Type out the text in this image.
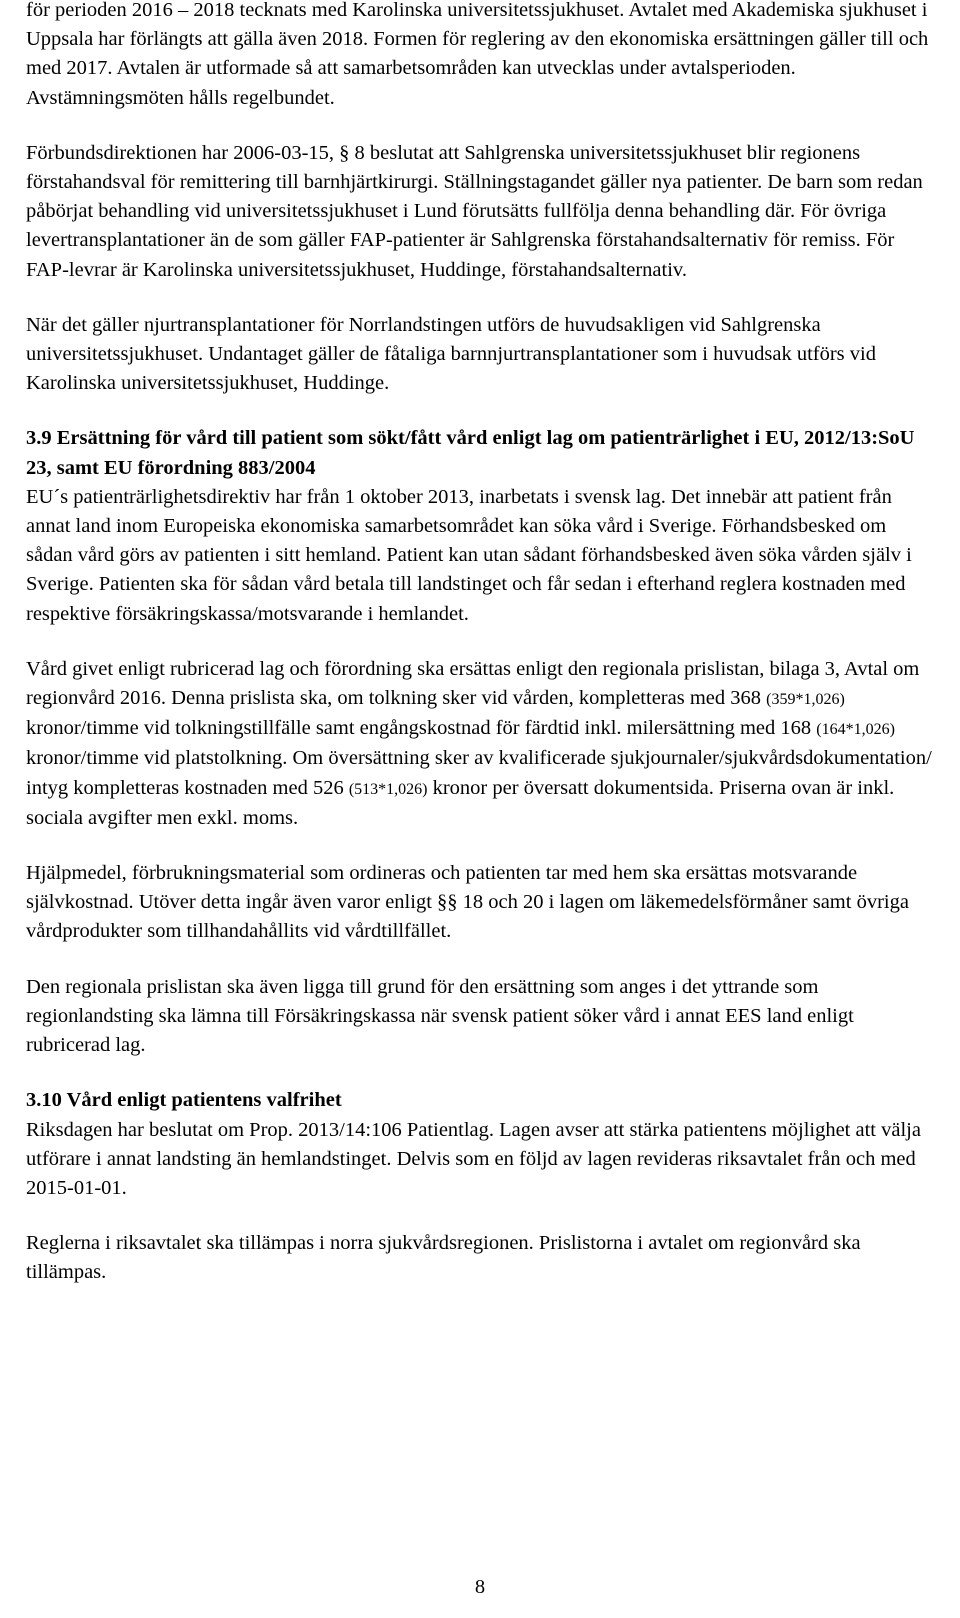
för perioden 2016 – 2018 tecknats med Karolinska universitetssjukhuset. Avtalet med Akademiska sjukhuset i Uppsala har förlängts att gälla även 2018. Formen för reglering av den ekonomiska ersättningen gäller till och med 2017. Avtalen är utformade så att samarbetsområden kan utvecklas under avtalsperioden. Avstämningsmöten hålls regelbundet.

Förbundsdirektionen har 2006-03-15, § 8 beslutat att Sahlgrenska universitetssjukhuset blir regionens förstahandsval för remittering till barnhjärtkirurgi. Ställningstagandet gäller nya patienter. De barn som redan påbörjat behandling vid universitetssjukhuset i Lund förutsätts fullfölja denna behandling där. För övriga levertransplantationer än de som gäller FAP-patienter är Sahlgrenska förstahandsalternativ för remiss. För FAP-levrar är Karolinska universitetssjukhuset, Huddinge, förstahandsalternativ.

När det gäller njurtransplantationer för Norrlandstingen utförs de huvudsakligen vid Sahlgrenska universitetssjukhuset. Undantaget gäller de fåtaliga barnnjurtransplantationer som i huvudsak utförs vid Karolinska universitetssjukhuset, Huddinge.

3.9 Ersättning för vård till patient som sökt/fått vård enligt lag om patienträrlighet i EU, 2012/13:SoU 23, samt EU förordning 883/2004

EU´s patienträrlighetsdirektiv har från 1 oktober 2013, inarbetats i svensk lag. Det innebär att patient från annat land inom Europeiska ekonomiska samarbetsområdet kan söka vård i Sverige. Förhandsbesked om sådan vård görs av patienten i sitt hemland. Patient kan utan sådant förhandsbesked även söka vården själv i Sverige. Patienten ska för sådan vård betala till landstinget och får sedan i efterhand reglera kostnaden med respektive försäkringskassa/motsvarande i hemlandet.

Vård givet enligt rubricerad lag och förordning ska ersättas enligt den regionala prislistan, bilaga 3, Avtal om regionvård 2016. Denna prislista ska, om tolkning sker vid vården, kompletteras med 368 (359*1,026) kronor/timme vid tolkningstillfälle samt engångskostnad för färdtid inkl. milersättning med 168 (164*1,026) kronor/timme vid platstolkning. Om översättning sker av kvalificerade sjukjournaler/sjukvårdsdokumentation/ intyg kompletteras kostnaden med 526 (513*1,026) kronor per översatt dokumentsida. Priserna ovan är inkl. sociala avgifter men exkl. moms.

Hjälpmedel, förbrukningsmaterial som ordineras och patienten tar med hem ska ersättas motsvarande självkostnad. Utöver detta ingår även varor enligt §§ 18 och 20 i lagen om läkemedelsförmåner samt övriga vårdprodukter som tillhandahållits vid vårdtillfället.

Den regionala prislistan ska även ligga till grund för den ersättning som anges i det yttrande som regionlandsting ska lämna till Försäkringskassa när svensk patient söker vård i annat EES land enligt rubricerad lag.

3.10 Vård enligt patientens valfrihet

Riksdagen har beslutat om Prop. 2013/14:106 Patientlag. Lagen avser att stärka patientens möjlighet att välja utförare i annat landsting än hemlandstinget. Delvis som en följd av lagen revideras riksavtalet från och med 2015-01-01.

Reglerna i riksavtalet ska tillämpas i norra sjukvårdsregionen. Prislistorna i avtalet om regionvård ska tillämpas.

8
